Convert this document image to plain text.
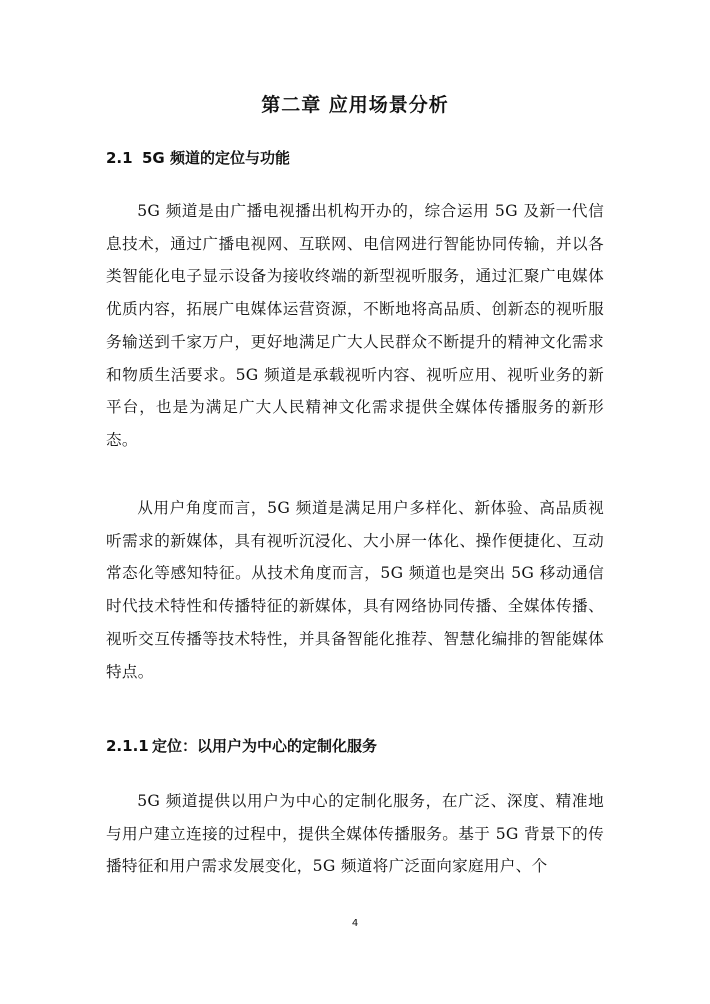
第二章 应用场景分析
2.1 5G 频道的定位与功能

5G 频道是由广播电视播出机构开办的，综合运用 5G 及新一代信息技术，通过广播电视网、互联网、电信网进行智能协同传输，并以各类智能化电子显示设备为接收终端的新型视听服务，通过汇聚广电媒体优质内容，拓展广电媒体运营资源，不断地将高品质、创新态的视听服务输送到千家万户，更好地满足广大人民群众不断提升的精神文化需求和物质生活要求。5G 频道是承载视听内容、视听应用、视听业务的新平台，也是为满足广大人民精神文化需求提供全媒体传播服务的新形态。

从用户角度而言，5G 频道是满足用户多样化、新体验、高品质视听需求的新媒体，具有视听沉浸化、大小屏一体化、操作便捷化、互动常态化等感知特征。从技术角度而言，5G 频道也是突出 5G 移动通信时代技术特性和传播特征的新媒体，具有网络协同传播、全媒体传播、视听交互传播等技术特性，并具备智能化推荐、智慧化编排的智能媒体特点。

2.1.1 定位：以用户为中心的定制化服务

5G 频道提供以用户为中心的定制化服务，在广泛、深度、精准地与用户建立连接的过程中，提供全媒体传播服务。基于 5G 背景下的传播特征和用户需求发展变化，5G 频道将广泛面向家庭用户、个

4
